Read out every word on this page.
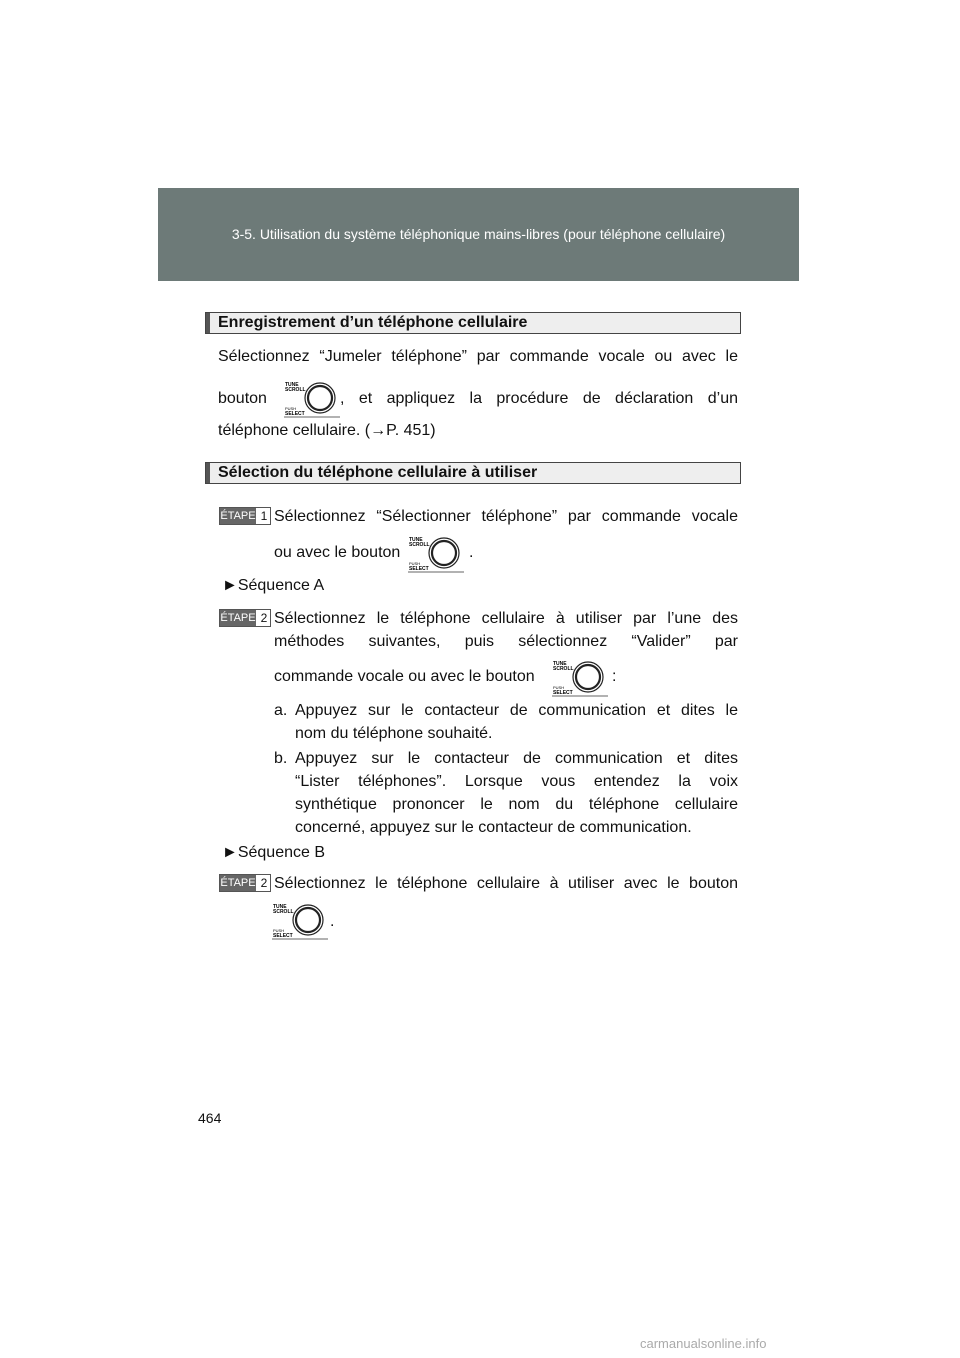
3-5. Utilisation du système téléphonique mains-libres (pour téléphone cellulaire)
Enregistrement d’un téléphone cellulaire
Sélectionnez “Jumeler téléphone” par commande vocale ou avec le
bouton
TUNE
SCROLL
PUSH
SELECT
, et appliquez la procédure de déclaration d’un
téléphone cellulaire. (→P. 451)
Sélection du téléphone cellulaire à utiliser
ÉTAPE 1 Sélectionnez “Sélectionner téléphone” par commande vocale
ou avec le bouton
TUNE
SCROLL
PUSH
SELECT
.
►Séquence A
ÉTAPE 2 Sélectionnez le téléphone cellulaire à utiliser par l’une des
méthodes suivantes, puis sélectionnez “Valider” par
commande vocale ou avec le bouton
TUNE
SCROLL
PUSH
SELECT
:
a. Appuyez sur le contacteur de communication et dites le
nom du téléphone souhaité.
b. Appuyez sur le contacteur de communication et dites
“Lister téléphones”. Lorsque vous entendez la voix
synthétique prononcer le nom du téléphone cellulaire
concerné, appuyez sur le contacteur de communication.
►Séquence B
ÉTAPE 2 Sélectionnez le téléphone cellulaire à utiliser avec le bouton
TUNE
SCROLL
PUSH
SELECT
.
464
carmanualsonline.info
